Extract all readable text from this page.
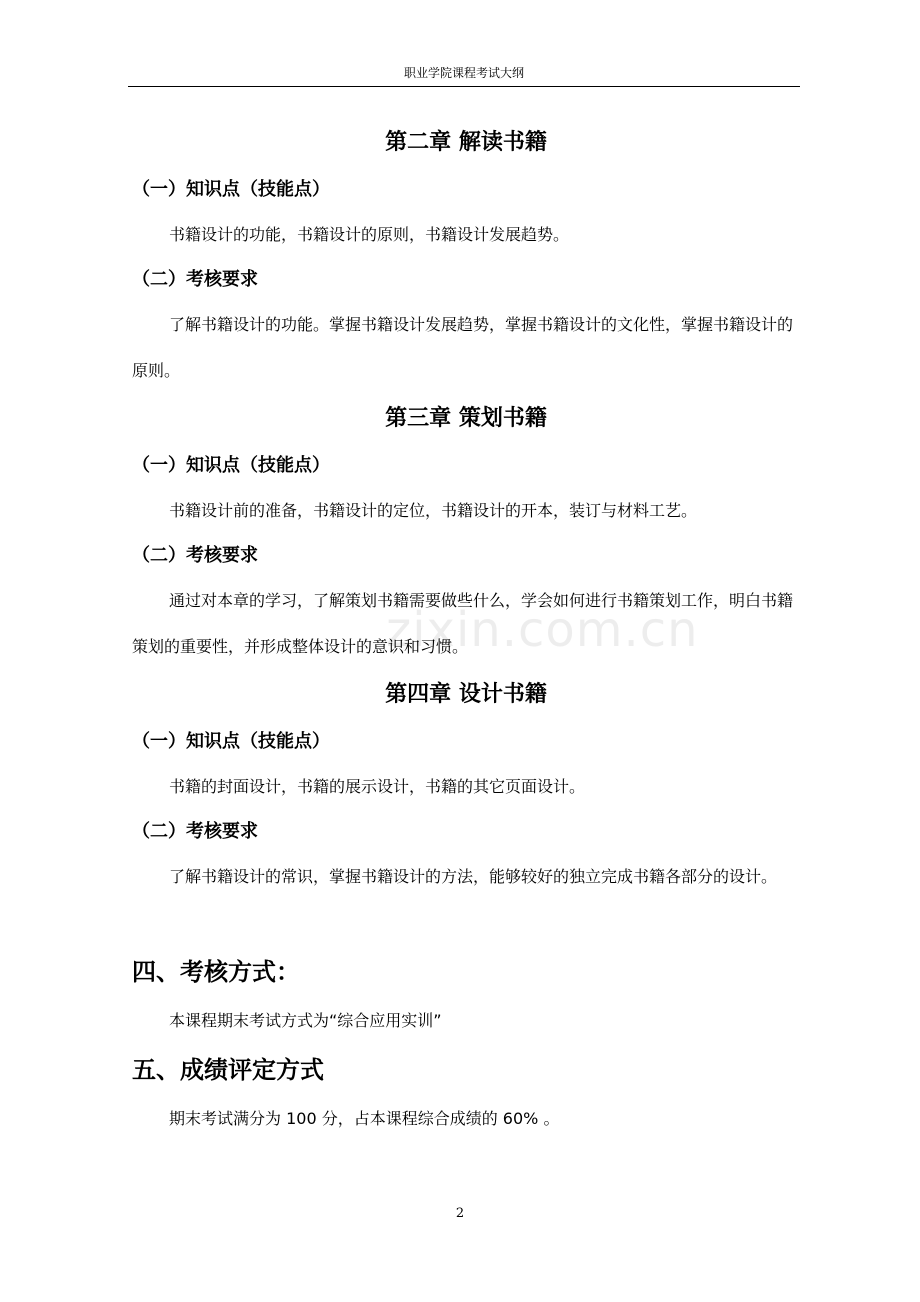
职业学院课程考试大纲
zixin.com.cn
第二章 解读书籍
（一）知识点（技能点）

书籍设计的功能，书籍设计的原则，书籍设计发展趋势。

（二）考核要求

了解书籍设计的功能。掌握书籍设计发展趋势，掌握书籍设计的文化性，掌握书籍设计的原则。

第三章 策划书籍
（一）知识点（技能点）

书籍设计前的准备，书籍设计的定位，书籍设计的开本，装订与材料工艺。

（二）考核要求

通过对本章的学习，了解策划书籍需要做些什么，学会如何进行书籍策划工作，明白书籍策划的重要性，并形成整体设计的意识和习惯。

第四章 设计书籍
（一）知识点（技能点）

书籍的封面设计，书籍的展示设计，书籍的其它页面设计。

（二）考核要求

了解书籍设计的常识，掌握书籍设计的方法，能够较好的独立完成书籍各部分的设计。

四、考核方式：

本课程期末考试方式为“综合应用实训”

五、成绩评定方式

期末考试满分为 100 分，占本课程综合成绩的 60% 。

2
